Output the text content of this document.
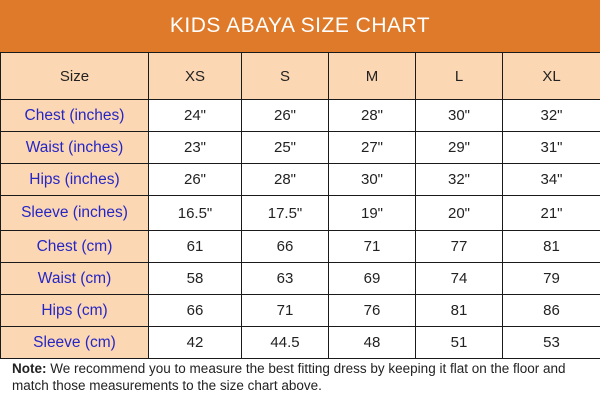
KIDS ABAYA SIZE CHART
Size	XS	S	M	L	XL
Chest (inches)	24"	26"	28"	30"	32"
Waist (inches)	23"	25"	27"	29"	31"
Hips (inches)	26"	28"	30"	32"	34"
Sleeve (inches)	16.5"	17.5"	19"	20"	21"
Chest (cm)	61	66	71	77	81
Waist (cm)	58	63	69	74	79
Hips (cm)	66	71	76	81	86
Sleeve (cm)	42	44.5	48	51	53
Note: We recommend you to measure the best fitting dress by keeping it flat on the floor and match those measurements to the size chart above.
